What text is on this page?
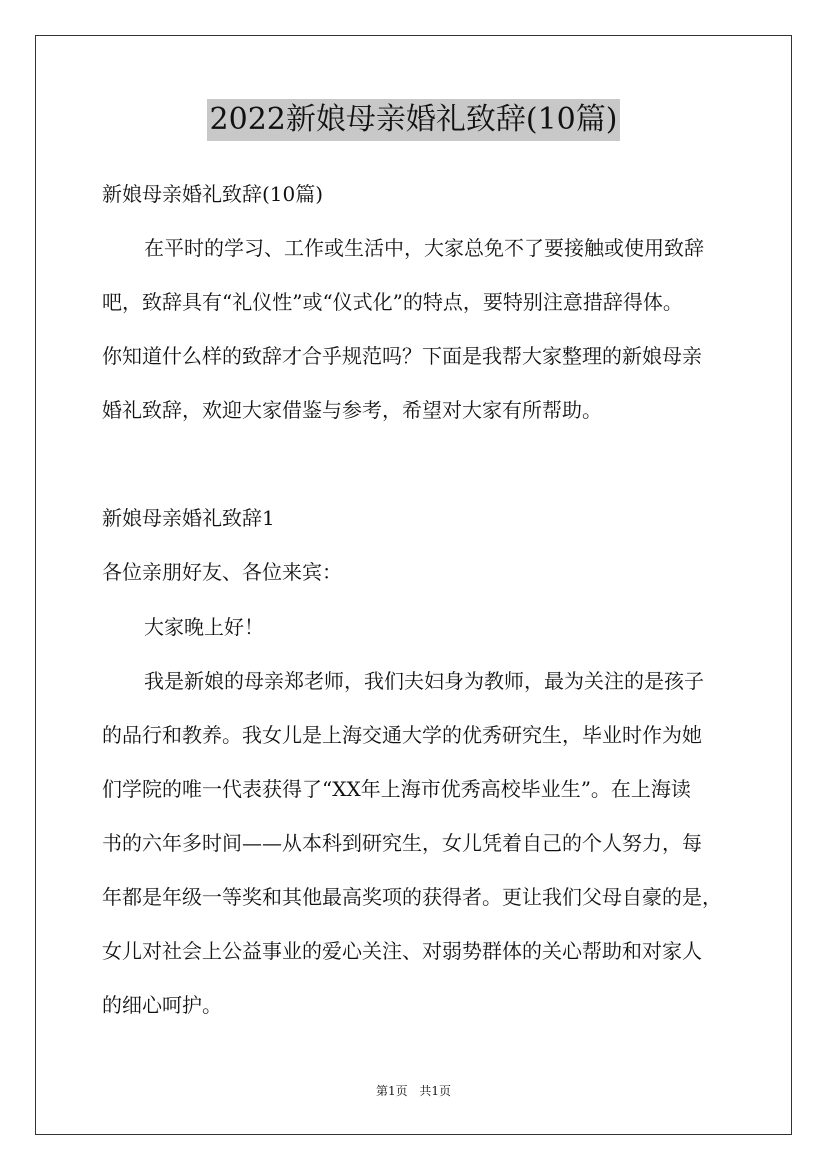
2022新娘母亲婚礼致辞(10篇)
新娘母亲婚礼致辞(10篇)
在平时的学习、工作或生活中，大家总免不了要接触或使用致辞
吧，致辞具有“礼仪性”或“仪式化”的特点，要特别注意措辞得体。
你知道什么样的致辞才合乎规范吗？下面是我帮大家整理的新娘母亲
婚礼致辞，欢迎大家借鉴与参考，希望对大家有所帮助。
新娘母亲婚礼致辞1
各位亲朋好友、各位来宾：
大家晚上好！
我是新娘的母亲郑老师，我们夫妇身为教师，最为关注的是孩子
的品行和教养。我女儿是上海交通大学的优秀研究生，毕业时作为她
们学院的唯一代表获得了“XX年上海市优秀高校毕业生”。在上海读
书的六年多时间——从本科到研究生，女儿凭着自己的个人努力，每
年都是年级一等奖和其他最高奖项的获得者。更让我们父母自豪的是，
女儿对社会上公益事业的爱心关注、对弱势群体的关心帮助和对家人
的细心呵护。
第1页 共1页
